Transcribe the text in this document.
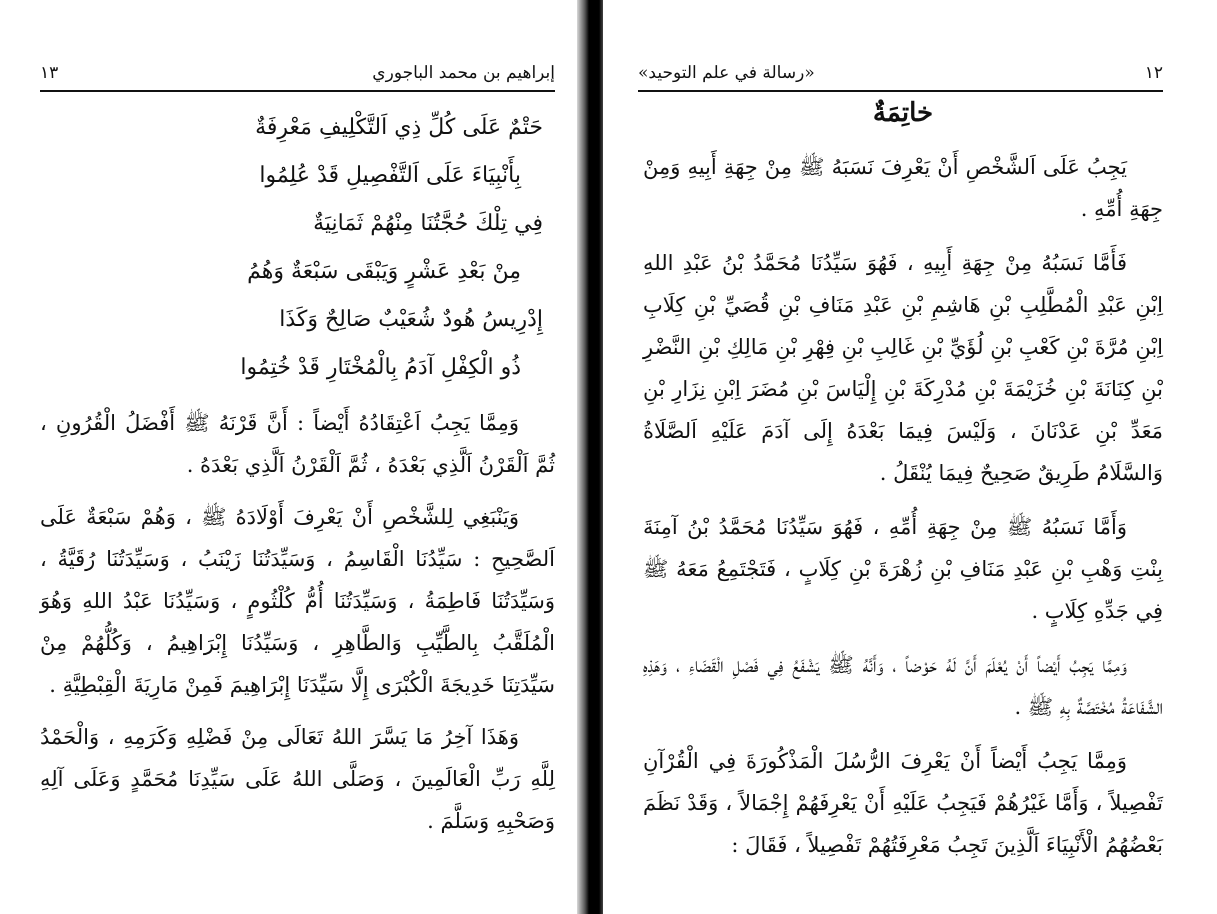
١٣	إبراهيم بن محمد الباجوري
حَتْمٌ عَلَى كُلِّ ذِي اَلتَّكْلِيفِ مَعْرِفَةٌ
بِأَنْبِيَاءَ عَلَى اَلتَّفْصِيلِ قَدْ عُلِمُوا
فِي تِلْكَ حُجَّتُنَا مِنْهُمْ ثَمَانِيَةٌ
مِنْ بَعْدِ عَشْرٍ وَيَبْقَى سَبْعَةٌ وَهُمُ
إِدْرِيسُ هُودٌ شُعَيْبٌ صَالِحٌ وَكَذَا
ذُو الْكِفْلِ آدَمُ بِالْمُخْتَارِ قَدْ خُتِمُوا

وَمِمَّا يَجِبُ اَعْتِقَادُهُ أَيْضاً : أَنَّ قَرْنَهُ ﷺ أَفْضَلُ الْقُرُونِ ، ثُمَّ اَلْقَرْنُ اَلَّذِي بَعْدَهُ ، ثُمَّ اَلْقَرْنُ اَلَّذِي بَعْدَهُ .

وَيَنْبَغِي لِلشَّخْصِ أَنْ يَعْرِفَ أَوْلَادَهُ ﷺ ، وَهُمْ سَبْعَةٌ عَلَى اَلصَّحِيحِ : سَيِّدُنَا الْقَاسِمُ ، وَسَيِّدَتُنَا زَيْنَبُ ، وَسَيِّدَتُنَا رُقَيَّةُ ، وَسَيِّدَتُنَا فَاطِمَةُ ، وَسَيِّدَتُنَا أُمُّ كُلْثُومٍ ، وَسَيِّدُنَا عَبْدُ اللهِ وَهُوَ الْمُلَقَّبُ بِالطَّيِّبِ وَالطَّاهِرِ ، وَسَيِّدُنَا إِبْرَاهِيمُ ، وَكُلُّهُمْ مِنْ سَيِّدَتِنَا خَدِيجَةَ الْكُبْرَى إِلَّا سَيِّدَنَا إِبْرَاهِيمَ فَمِنْ مَارِيَةَ الْقِبْطِيَّةِ .

وَهَذَا آخِرُ مَا يَسَّرَ اللهُ تَعَالَى مِنْ فَضْلِهِ وَكَرَمِهِ ، وَالْحَمْدُ لِلَّهِ رَبِّ الْعَالَمِينَ ، وَصَلَّى اللهُ عَلَى سَيِّدِنَا مُحَمَّدٍ وَعَلَى آلِهِ وَصَحْبِهِ وَسَلَّمَ .

«رسالة في علم التوحيد»	١٢
خاتِمَةٌ

يَجِبُ عَلَى اَلشَّخْصِ أَنْ يَعْرِفَ نَسَبَهُ ﷺ مِنْ جِهَةِ أَبِيهِ وَمِنْ جِهَةِ أُمِّهِ .

فَأَمَّا نَسَبُهُ مِنْ جِهَةِ أَبِيهِ ، فَهُوَ سَيِّدُنَا مُحَمَّدُ بْنُ عَبْدِ اللهِ اِبْنِ عَبْدِ الْمُطَّلِبِ بْنِ هَاشِمِ بْنِ عَبْدِ مَنَافِ بْنِ قُصَيِّ بْنِ كِلَابِ اِبْنِ مُرَّةَ بْنِ كَعْبِ بْنِ لُؤَيِّ بْنِ غَالِبِ بْنِ فِهْرِ بْنِ مَالِكِ بْنِ النَّضْرِ بْنِ كِنَانَةَ بْنِ خُزَيْمَةَ بْنِ مُدْرِكَةَ بْنِ إِلْيَاسَ بْنِ مُضَرَ اِبْنِ نِزَارِ بْنِ مَعَدِّ بْنِ عَدْنَانَ ، وَلَيْسَ فِيمَا بَعْدَهُ إِلَى آدَمَ عَلَيْهِ اَلصَّلَاةُ وَالسَّلَامُ طَرِيقٌ صَحِيحٌ فِيمَا يُنْقَلُ .

وَأَمَّا نَسَبُهُ ﷺ مِنْ جِهَةِ أُمِّهِ ، فَهُوَ سَيِّدُنَا مُحَمَّدُ بْنُ آمِنَةَ بِنْتِ وَهْبِ بْنِ عَبْدِ مَنَافِ بْنِ زُهْرَةَ بْنِ كِلَابٍ ، فَتَجْتَمِعُ مَعَهُ ﷺ فِي جَدِّهِ كِلَابٍ .

وَمِمَّا يَجِبُ أَيْضاً أَنْ يُعْلَمَ أَنَّ لَهُ حَوْضاً ، وَأَنَّهُ ﷺ يَشْفَعُ فِي فَصْلِ الْقَضَاءِ ، وَهَذِهِ الشَّفَاعَةُ مُخْتَصَّةٌ بِهِ ﷺ .

وَمِمَّا يَجِبُ أَيْضاً أَنْ يَعْرِفَ الرُّسُلَ الْمَذْكُورَةَ فِي الْقُرْآنِ تَفْصِيلاً ، وَأَمَّا غَيْرُهُمْ فَيَجِبُ عَلَيْهِ أَنْ يَعْرِفَهُمْ إِجْمَالاً ، وَقَدْ نَظَمَ بَعْضُهُمُ الْأَنْبِيَاءَ اَلَّذِينَ تَجِبُ مَعْرِفَتُهُمْ تَفْصِيلاً ، فَقَالَ :
